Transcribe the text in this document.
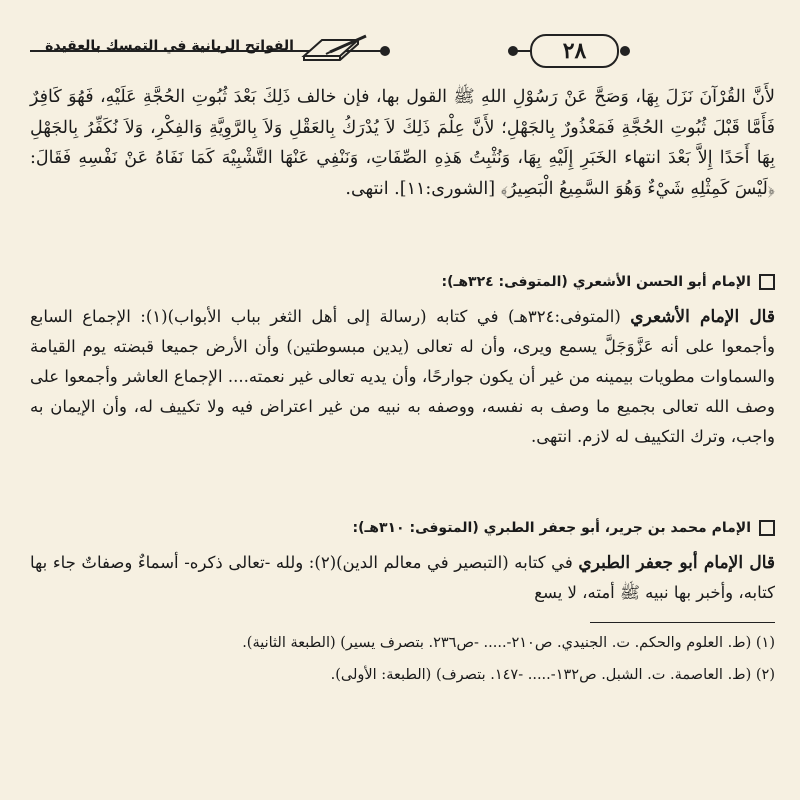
٢٨
الفواتح الربانية في التمسك بالعقيدة
لأَنَّ القُرْآنَ نَزَلَ بِهَا، وَصَحَّ عَنْ رَسُوْلِ اللهِ ﷺ القول بها، فإن خالف ذَلِكَ بَعْدَ ثُبُوتِ الحُجَّةِ عَلَيْهِ، فَهُوَ كَافِرٌ فَأَمَّا قَبْلَ ثُبُوتِ الحُجَّةِ فَمَعْذُورٌ بِالجَهْلِ؛ لأَنَّ عِلْمَ ذَلِكَ لاَ يُدْرَكُ بِالعَقْلِ وَلاَ بِالرَّوِيَّةِ وَالفِكْرِ، وَلاَ نُكَفِّرُ بِالجَهْلِ بِهَا أَحَدًا إِلاَّ بَعْدَ انتهاء الخَبَرِ إِلَيْهِ بِهَا، وَنُثْبِتُ هَذِهِ الصِّفَاتِ، وَنَنْفِي عَنْهَا التَّشْبِيْهَ كَمَا نَفَاهُ عَنْ نَفْسِهِ فَقَالَ: ﴿لَيْسَ كَمِثْلِهِ شَيْءٌ وَهُوَ السَّمِيعُ الْبَصِيرُ﴾ [الشورى:١١]. انتهى.
الإمام أبو الحسن الأشعري (المتوفى: ٣٢٤هـ):
قال الإمام الأشعري (المتوفى:٣٢٤هـ) في كتابه (رسالة إلى أهل الثغر بباب الأبواب)(١): الإجماع السابع وأجمعوا على أنه عَزَّوَجَلَّ يسمع ويرى، وأن له تعالى (يدين مبسوطتين) وأن الأرض جميعا قبضته يوم القيامة والسماوات مطويات بيمينه من غير أن يكون جوارحًا، وأن يديه تعالى غير نعمته.... الإجماع العاشر وأجمعوا على وصف الله تعالى بجميع ما وصف به نفسه، ووصفه به نبيه من غير اعتراض فيه ولا تكييف له، وأن الإيمان به واجب، وترك التكييف له لازم. انتهى.
الإمام محمد بن جرير، أبو جعفر الطبري (المتوفى: ٣١٠هـ):
قال الإمام أبو جعفر الطبري في كتابه (التبصير في معالم الدين)(٢): ولله -تعالى ذكره- أسماءٌ وصفاتٌ جاء بها كتابه، وأخبر بها نبيه ﷺ أمته، لا يسع
(١) (ط. العلوم والحكم. ت. الجنيدي. ص٢١٠-..... -ص٢٣٦. بتصرف يسير) (الطبعة الثانية).
(٢) (ط. العاصمة. ت. الشبل. ص١٣٢-..... -١٤٧. بتصرف) (الطبعة: الأولى).
